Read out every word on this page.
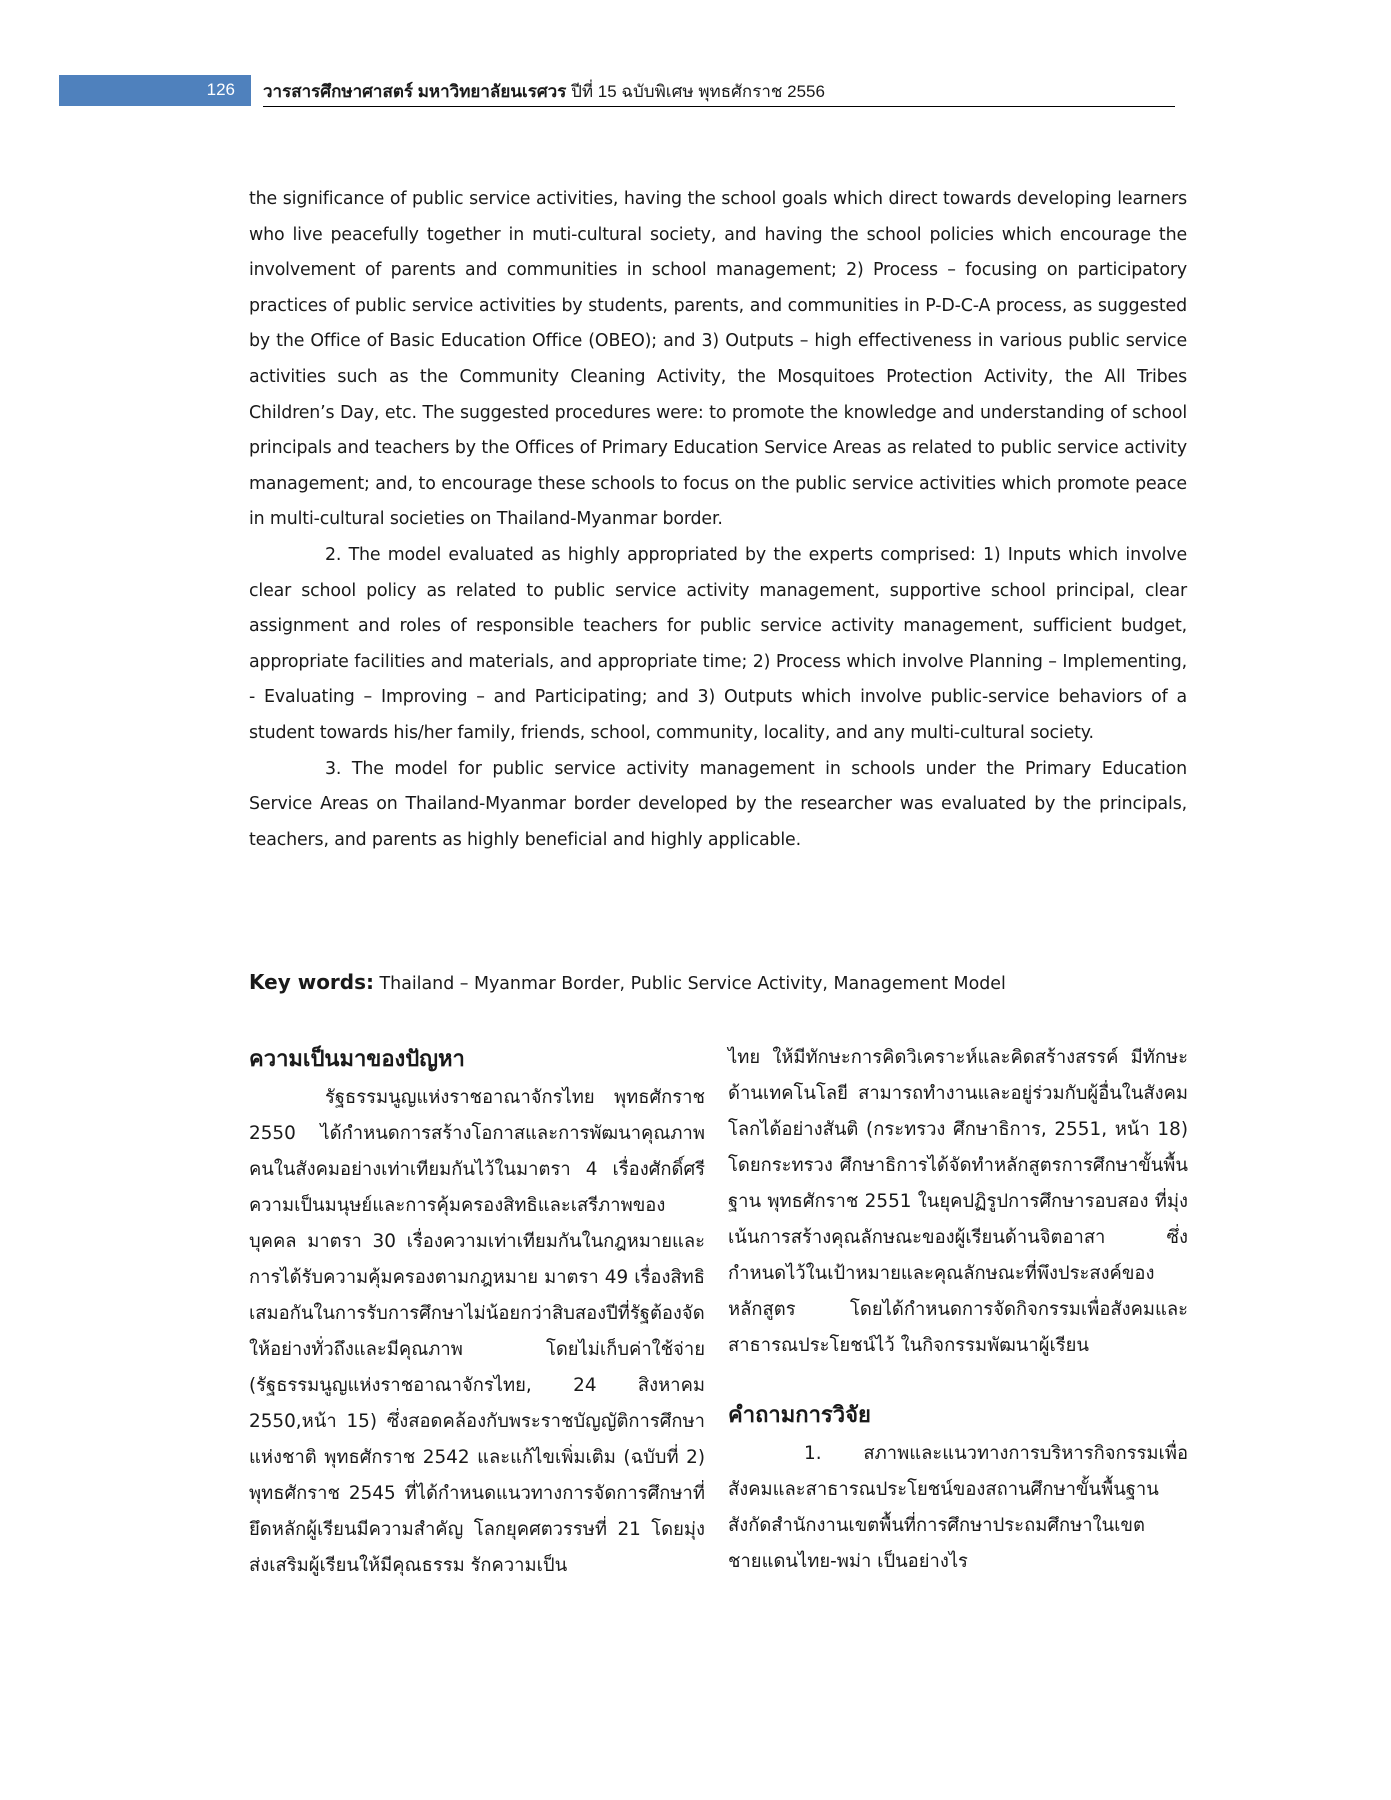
126 วารสารศึกษาศาสตร์ มหาวิทยาลัยนเรศวร ปีที่ 15 ฉบับพิเศษ พุทธศักราช 2556

the significance of public service activities, having the school goals which direct towards developing learners who live peacefully together in muti-cultural society, and having the school policies which encourage the involvement of parents and communities in school management; 2) Process – focusing on participatory practices of public service activities by students, parents, and communities in P-D-C-A process, as suggested by the Office of Basic Education Office (OBEO); and 3) Outputs – high effectiveness in various public service activities such as the Community Cleaning Activity, the Mosquitoes Protection Activity, the All Tribes Children’s Day, etc. The suggested procedures were: to promote the knowledge and understanding of school principals and teachers by the Offices of Primary Education Service Areas as related to public service activity management; and, to encourage these schools to focus on the public service activities which promote peace in multi-cultural societies on Thailand-Myanmar border.

2. The model evaluated as highly appropriated by the experts comprised: 1) Inputs which involve clear school policy as related to public service activity management, supportive school principal, clear assignment and roles of responsible teachers for public service activity management, sufficient budget, appropriate facilities and materials, and appropriate time; 2) Process which involve Planning – Implementing, - Evaluating – Improving – and Participating; and 3) Outputs which involve public-service behaviors of a student towards his/her family, friends, school, community, locality, and any multi-cultural society.

3. The model for public service activity management in schools under the Primary Education Service Areas on Thailand-Myanmar border developed by the researcher was evaluated by the principals, teachers, and parents as highly beneficial and highly applicable.

Key words: Thailand – Myanmar Border, Public Service Activity, Management Model
ความเป็นมาของปัญหา

รัฐธรรมนูญแห่งราชอาณาจักรไทย พุทธศักราช 2550 ได้กำหนดการสร้างโอกาสและการพัฒนาคุณภาพคนในสังคมอย่างเท่าเทียมกันไว้ในมาตรา 4 เรื่องศักดิ์ศรีความเป็นมนุษย์และการคุ้มครองสิทธิและเสรีภาพของบุคคล มาตรา 30 เรื่องความเท่าเทียมกันในกฎหมายและการได้รับความคุ้มครองตามกฎหมาย มาตรา 49 เรื่องสิทธิเสมอกันในการรับการศึกษาไม่น้อยกว่าสิบสองปีที่รัฐต้องจัดให้อย่างทั่วถึงและมีคุณภาพ โดยไม่เก็บค่าใช้จ่าย (รัฐธรรมนูญแห่งราชอาณาจักรไทย, 24 สิงหาคม 2550,หน้า 15) ซึ่งสอดคล้องกับพระราชบัญญัติการศึกษาแห่งชาติ พุทธศักราช 2542 และแก้ไขเพิ่มเติม (ฉบับที่ 2) พุทธศักราช 2545 ที่ได้กำหนดแนวทางการจัดการศึกษาที่ยึดหลักผู้เรียนมีความสำคัญ โลกยุคศตวรรษที่ 21 โดยมุ่งส่งเสริมผู้เรียนให้มีคุณธรรม รักความเป็น

ไทย ให้มีทักษะการคิดวิเคราะห์และคิดสร้างสรรค์ มีทักษะด้านเทคโนโลยี สามารถทำงานและอยู่ร่วมกับผู้อื่นในสังคมโลกได้อย่างสันติ (กระทรวง ศึกษาธิการ, 2551, หน้า 18) โดยกระทรวง ศึกษาธิการได้จัดทำหลักสูตรการศึกษาขั้นพื้นฐาน พุทธศักราช 2551 ในยุคปฏิรูปการศึกษารอบสอง ที่มุ่งเน้นการสร้างคุณลักษณะของผู้เรียนด้านจิตอาสา ซึ่งกำหนดไว้ในเป้าหมายและคุณลักษณะที่พึงประสงค์ของหลักสูตร โดยได้กำหนดการจัดกิจกรรมเพื่อสังคมและสาธารณประโยชน์ไว้ ในกิจกรรมพัฒนาผู้เรียน

คำถามการวิจัย

1. สภาพและแนวทางการบริหารกิจกรรมเพื่อสังคมและสาธารณประโยชน์ของสถานศึกษาขั้นพื้นฐานสังกัดสำนักงานเขตพื้นที่การศึกษาประถมศึกษาในเขตชายแดนไทย-พม่า เป็นอย่างไร
